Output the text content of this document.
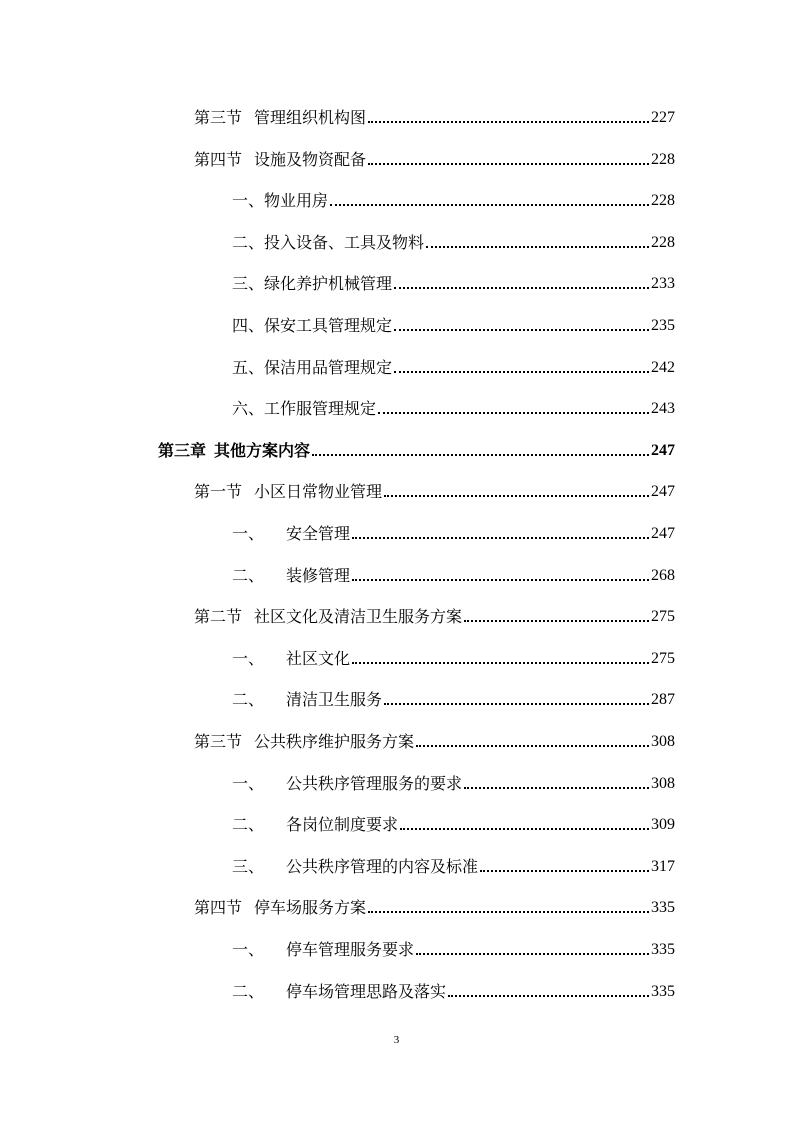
第三节 管理组织机构图	227
第四节 设施及物资配备	228
一、物业用房	228
二、投入设备、工具及物料	228
三、绿化养护机械管理	233
四、保安工具管理规定	235
五、保洁用品管理规定	242
六、工作服管理规定	243
第三章 其他方案内容	247
第一节 小区日常物业管理	247
一、 安全管理	247
二、 装修管理	268
第二节 社区文化及清洁卫生服务方案	275
一、 社区文化	275
二、 清洁卫生服务	287
第三节 公共秩序维护服务方案	308
一、 公共秩序管理服务的要求	308
二、 各岗位制度要求	309
三、 公共秩序管理的内容及标准	317
第四节 停车场服务方案	335
一、 停车管理服务要求	335
二、 停车场管理思路及落实	335
3
